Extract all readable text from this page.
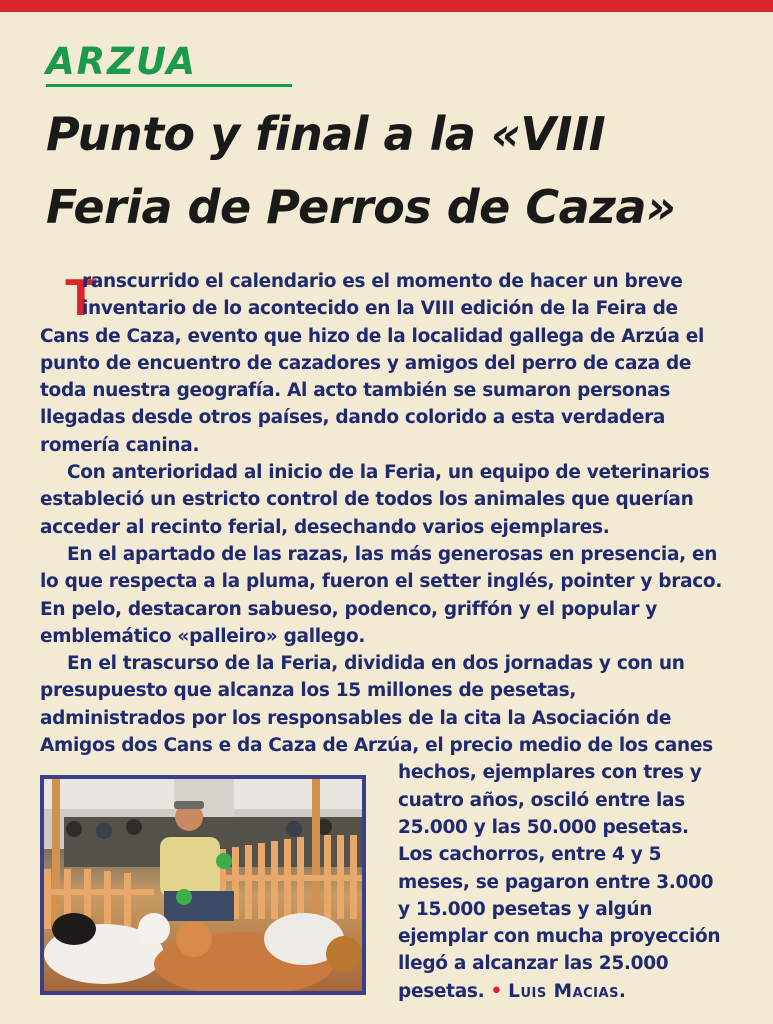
ARZUA
Punto y final a la «VIII
Feria de Perros de Caza»
T
ranscurrido el calendario es el momento de hacer un breve
inventario de lo acontecido en la VIII edición de la Feira de
Cans de Caza, evento que hizo de la localidad gallega de Arzúa el
punto de encuentro de cazadores y amigos del perro de caza de
toda nuestra geografía. Al acto también se sumaron personas
llegadas desde otros países, dando colorido a esta verdadera
romería canina.
Con anterioridad al inicio de la Feria, un equipo de veterinarios
estableció un estricto control de todos los animales que querían
acceder al recinto ferial, desechando varios ejemplares.
En el apartado de las razas, las más generosas en presencia, en
lo que respecta a la pluma, fueron el setter inglés, pointer y braco.
En pelo, destacaron sabueso, podenco, griffón y el popular y
emblemático «palleiro» gallego.
En el trascurso de la Feria, dividida en dos jornadas y con un
presupuesto que alcanza los 15 millones de pesetas,
administrados por los responsables de la cita la Asociación de
Amigos dos Cans e da Caza de Arzúa, el precio medio de los canes
hechos, ejemplares con tres y
cuatro años, osciló entre las
25.000 y las 50.000 pesetas.
Los cachorros, entre 4 y 5
meses, se pagaron entre 3.000
y 15.000 pesetas y algún
ejemplar con mucha proyección
llegó a alcanzar las 25.000
pesetas. • Luis Macias.
